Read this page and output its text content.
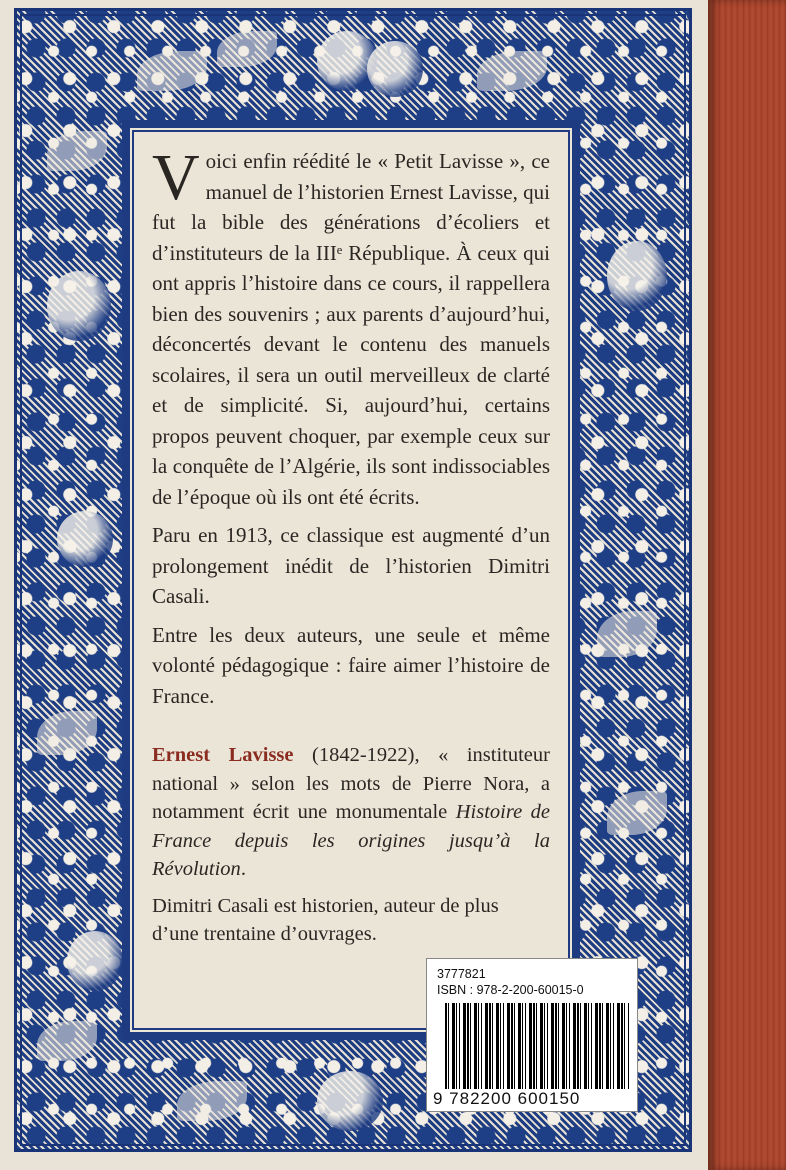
Voici enfin réédité le « Petit Lavisse », ce manuel de l’historien Ernest Lavisse, qui fut la bible des générations d’écoliers et d’instituteurs de la IIIᵉ République. À ceux qui ont appris l’histoire dans ce cours, il rappellera bien des souvenirs ; aux parents d’aujourd’hui, déconcertés devant le contenu des manuels scolaires, il sera un outil merveilleux de clarté et de simplicité. Si, aujourd’hui, certains propos peuvent choquer, par exemple ceux sur la conquête de l’Algérie, ils sont indissociables de l’époque où ils ont été écrits.

Paru en 1913, ce classique est augmenté d’un prolongement inédit de l’historien Dimitri Casali.

Entre les deux auteurs, une seule et même volonté pédagogique : faire aimer l’histoire de France.

Ernest Lavisse (1842-1922), « instituteur national » selon les mots de Pierre Nora, a notamment écrit une monumentale Histoire de France depuis les origines jusqu’à la Révolution.

Dimitri Casali est historien, auteur de plus d’une trentaine d’ouvrages.

3777821
ISBN : 978-2-200-60015-0
9 782200 600150
